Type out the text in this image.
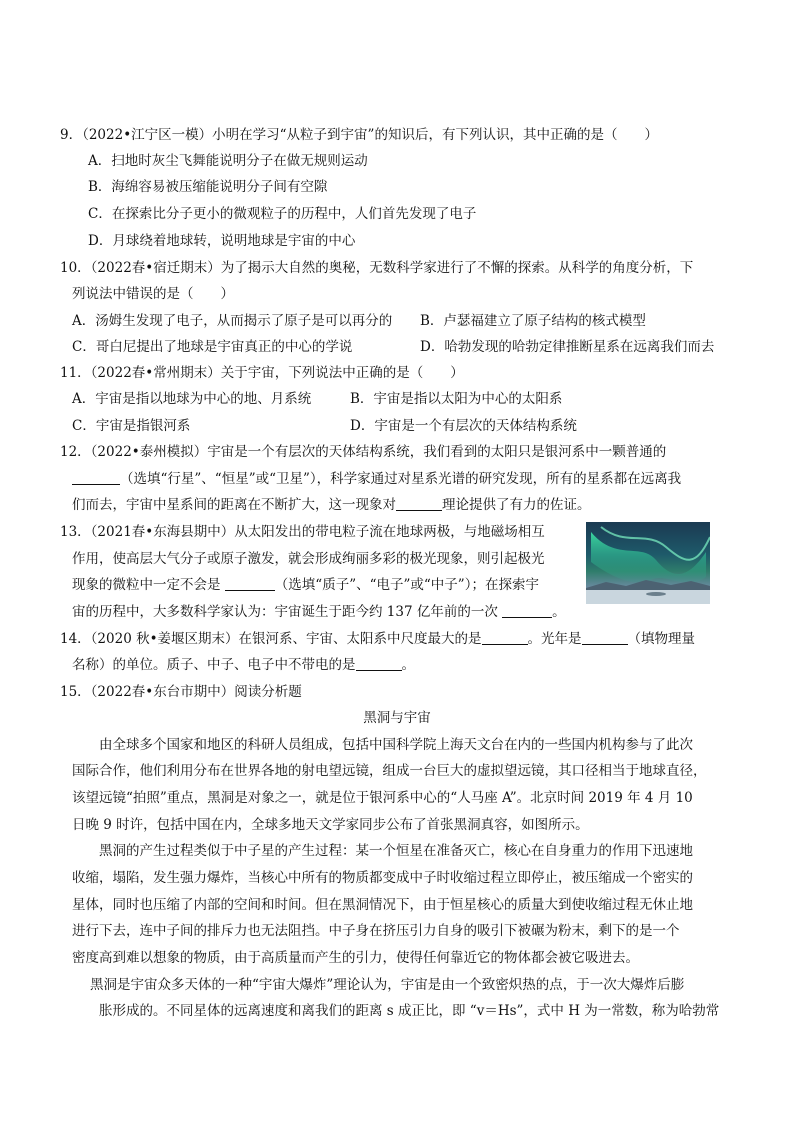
9．（2022•江宁区一模）小明在学习“从粒子到宇宙”的知识后，有下列认识，其中正确的是（　　）
A．扫地时灰尘飞舞能说明分子在做无规则运动
B．海绵容易被压缩能说明分子间有空隙
C．在探索比分子更小的微观粒子的历程中，人们首先发现了电子
D．月球绕着地球转，说明地球是宇宙的中心
10．（2022春•宿迁期末）为了揭示大自然的奥秘，无数科学家进行了不懈的探索。从科学的角度分析，下
列说法中错误的是（　　）
A．汤姆生发现了电子，从而揭示了原子是可以再分的 B．卢瑟福建立了原子结构的核式模型
C．哥白尼提出了地球是宇宙真正的中心的学说	D．哈勃发现的哈勃定律推断星系在远离我们而去
11．（2022春•常州期末）关于宇宙，下列说法中正确的是（　　）
A．宇宙是指以地球为中心的地、月系统	B．宇宙是指以太阳为中心的太阳系
C．宇宙是指银河系	D．宇宙是一个有层次的天体结构系统
12．（2022•泰州模拟）宇宙是一个有层次的天体结构系统，我们看到的太阳只是银河系中一颗普通的
（选填“行星”、“恒星”或“卫星”），科学家通过对星系光谱的研究发现，所有的星系都在远离我
们而去，宇宙中星系间的距离在不断扩大，这一现象对	理论提供了有力的佐证。
13．（2021春•东海县期中）从太阳发出的带电粒子流在地球两极，与地磁场相互
作用，使高层大气分子或原子激发，就会形成绚丽多彩的极光现象，则引起极光
现象的微粒中一定不会是	（选填“质子”、“电子”或“中子”）；在探索宇
宙的历程中，大多数科学家认为：宇宙诞生于距今约 137 亿年前的一次	。
14．（2020 秋•姜堰区期末）在银河系、宇宙、太阳系中尺度最大的是	。光年是	（填物理量
名称）的单位。质子、中子、电子中不带电的是	。
15．（2022春•东台市期中）阅读分析题
黑洞与宇宙
由全球多个国家和地区的科研人员组成，包括中国科学院上海天文台在内的一些国内机构参与了此次
国际合作，他们利用分布在世界各地的射电望远镜，组成一台巨大的虚拟望远镜，其口径相当于地球直径，
该望远镜“拍照”重点，黑洞是对象之一，就是位于银河系中心的“人马座 A”。北京时间 2019 年 4 月 10
日晚 9 时许，包括中国在内，全球多地天文学家同步公布了首张黑洞真容，如图所示。
黑洞的产生过程类似于中子星的产生过程：某一个恒星在准备灭亡，核心在自身重力的作用下迅速地
收缩，塌陷，发生强力爆炸，当核心中所有的物质都变成中子时收缩过程立即停止，被压缩成一个密实的
星体，同时也压缩了内部的空间和时间。但在黑洞情况下，由于恒星核心的质量大到使收缩过程无休止地
进行下去，连中子间的排斥力也无法阻挡。中子身在挤压引力自身的吸引下被碾为粉末，剩下的是一个
密度高到难以想象的物质，由于高质量而产生的引力，使得任何靠近它的物体都会被它吸进去。
黑洞是宇宙众多天体的一种“宇宙大爆炸”理论认为，宇宙是由一个致密炽热的点，于一次大爆炸后膨
胀形成的。不同星体的远离速度和离我们的距离 s 成正比，即 “v＝Hs”，式中 H 为一常数，称为哈勃常
